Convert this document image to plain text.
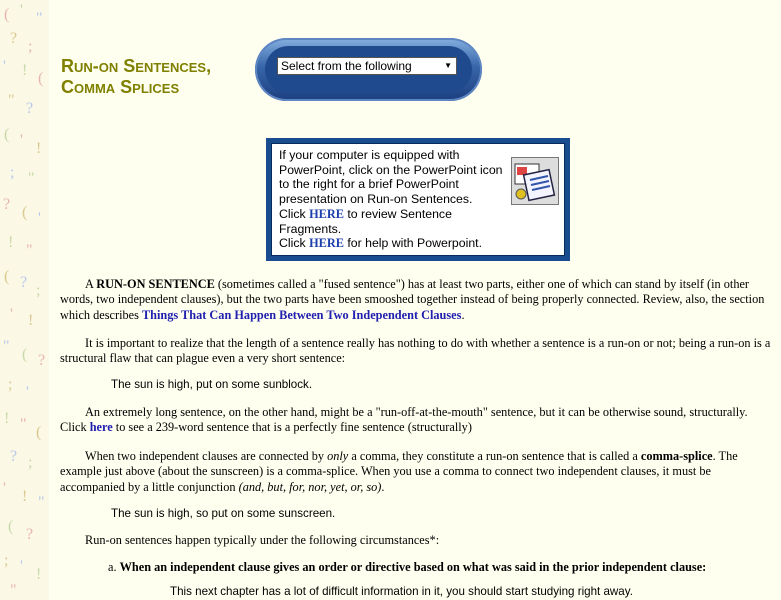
( ' "
? ;
' ! (
" ?
( ' !
; "
? ( '
! "
( ? ;
' !
" ( ?
; '
! " (
? ;
' ! "
( ?
; ' !
"
Run-on Sentences,
Comma Splices
Select from the following	▼
If your computer is equipped with PowerPoint, click on the PowerPoint icon to the right for a brief PowerPoint presentation on Run-on Sentences.
Click HERE to review Sentence Fragments.
Click HERE for help with Powerpoint.
A RUN-ON SENTENCE (sometimes called a "fused sentence") has at least two parts, either one of which can stand by itself (in other words, two independent clauses), but the two parts have been smooshed together instead of being properly connected. Review, also, the section which describes Things That Can Happen Between Two Independent Clauses.
It is important to realize that the length of a sentence really has nothing to do with whether a sentence is a run-on or not; being a run-on is a structural flaw that can plague even a very short sentence:
The sun is high, put on some sunblock.
An extremely long sentence, on the other hand, might be a "run-off-at-the-mouth" sentence, but it can be otherwise sound, structurally. Click here to see a 239-word sentence that is a perfectly fine sentence (structurally)
When two independent clauses are connected by only a comma, they constitute a run-on sentence that is called a comma-splice. The example just above (about the sunscreen) is a comma-splice. When you use a comma to connect two independent clauses, it must be accompanied by a little conjunction (and, but, for, nor, yet, or, so).
The sun is high, so put on some sunscreen.
Run-on sentences happen typically under the following circumstances*:
a. When an independent clause gives an order or directive based on what was said in the prior independent clause:
This next chapter has a lot of difficult information in it, you should start studying right away.
